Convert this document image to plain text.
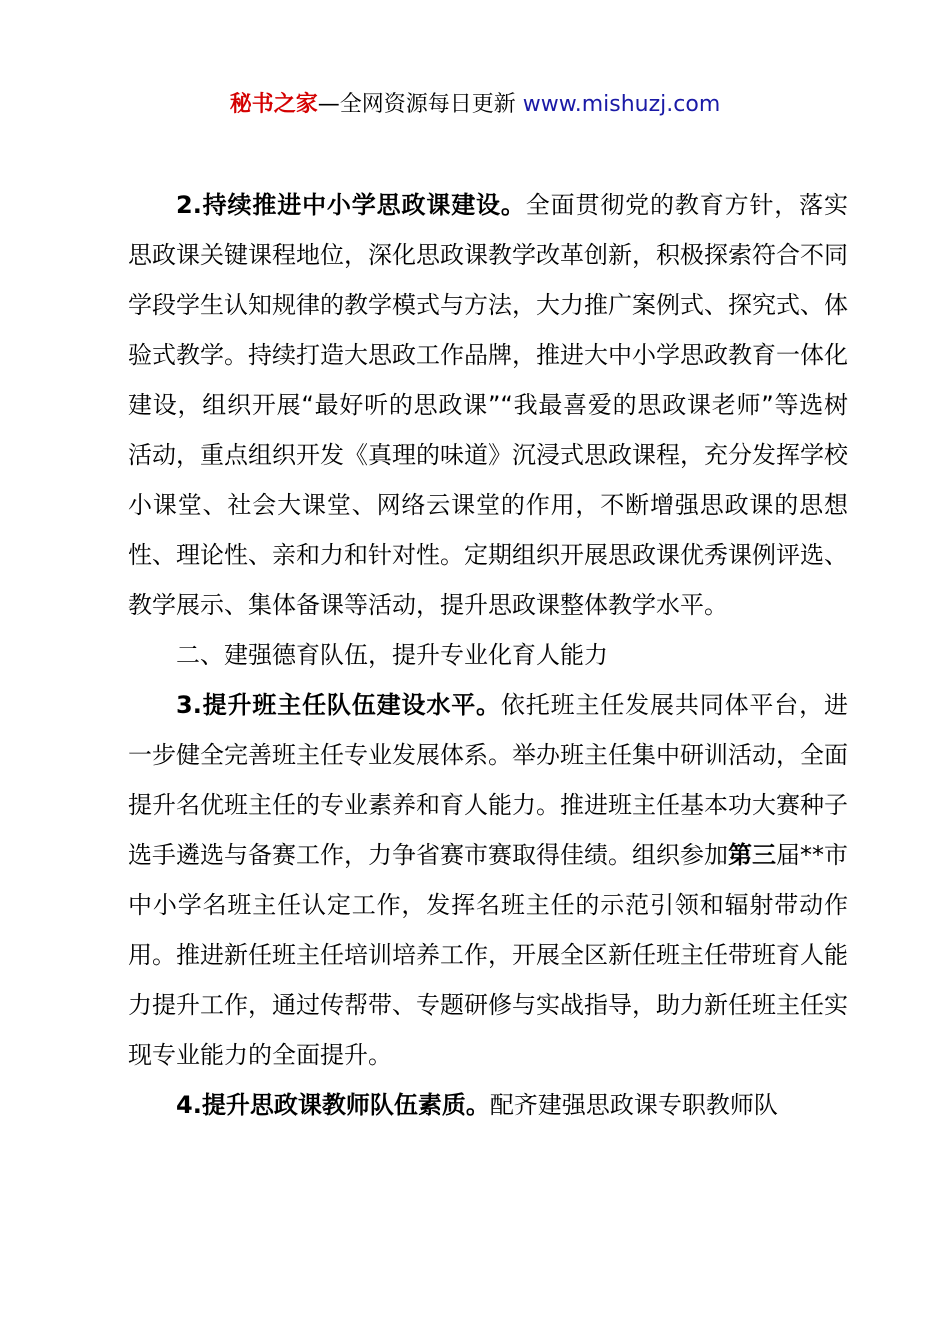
秘书之家—全网资源每日更新 www.mishuzj.com

2.持续推进中小学思政课建设。全面贯彻党的教育方针，落实思政课关键课程地位，深化思政课教学改革创新，积极探索符合不同学段学生认知规律的教学模式与方法，大力推广案例式、探究式、体验式教学。持续打造大思政工作品牌，推进大中小学思政教育一体化建设，组织开展“最好听的思政课”“我最喜爱的思政课老师”等选树活动，重点组织开发《真理的味道》沉浸式思政课程，充分发挥学校小课堂、社会大课堂、网络云课堂的作用，不断增强思政课的思想性、理论性、亲和力和针对性。定期组织开展思政课优秀课例评选、教学展示、集体备课等活动，提升思政课整体教学水平。

二、建强德育队伍，提升专业化育人能力

3.提升班主任队伍建设水平。依托班主任发展共同体平台，进一步健全完善班主任专业发展体系。举办班主任集中研训活动，全面提升名优班主任的专业素养和育人能力。推进班主任基本功大赛种子选手遴选与备赛工作，力争省赛市赛取得佳绩。组织参加第三届**市中小学名班主任认定工作，发挥名班主任的示范引领和辐射带动作用。推进新任班主任培训培养工作，开展全区新任班主任带班育人能力提升工作，通过传帮带、专题研修与实战指导，助力新任班主任实现专业能力的全面提升。

4.提升思政课教师队伍素质。配齐建强思政课专职教师队
